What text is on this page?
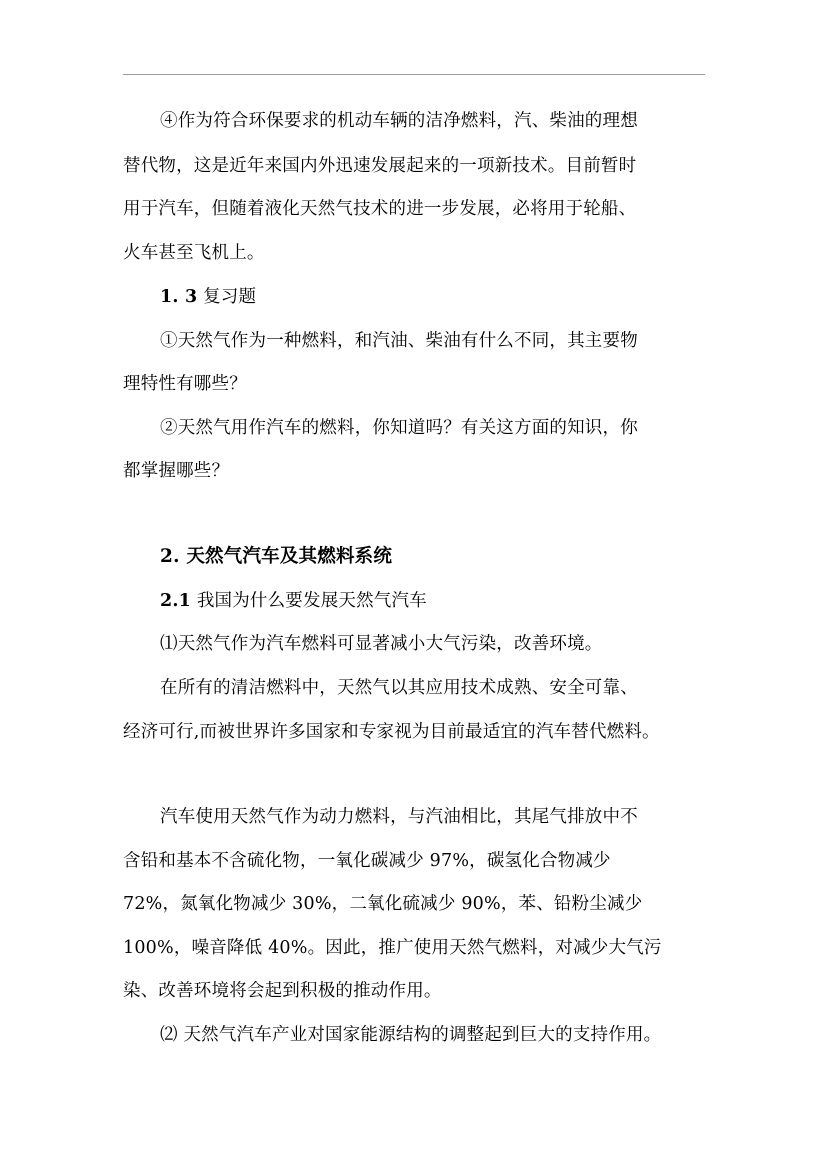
④作为符合环保要求的机动车辆的洁净燃料，汽、柴油的理想
替代物，这是近年来国内外迅速发展起来的一项新技术。目前暂时
用于汽车，但随着液化天然气技术的进一步发展，必将用于轮船、
火车甚至飞机上。
1. 3 复习题
①天然气作为一种燃料，和汽油、柴油有什么不同，其主要物
理特性有哪些？
②天然气用作汽车的燃料，你知道吗？有关这方面的知识，你
都掌握哪些？
2. 天然气汽车及其燃料系统
2.1 我国为什么要发展天然气汽车
⑴天然气作为汽车燃料可显著减小大气污染，改善环境。
在所有的清洁燃料中，天然气以其应用技术成熟、安全可靠、
经济可行,而被世界许多国家和专家视为目前最适宜的汽车替代燃料。
汽车使用天然气作为动力燃料，与汽油相比，其尾气排放中不
含铅和基本不含硫化物，一氧化碳减少 97%，碳氢化合物减少
72%，氮氧化物减少 30%，二氧化硫减少 90%，苯、铅粉尘减少
100%，噪音降低 40%。因此，推广使用天然气燃料，对减少大气污
染、改善环境将会起到积极的推动作用。
⑵ 天然气汽车产业对国家能源结构的调整起到巨大的支持作用。
